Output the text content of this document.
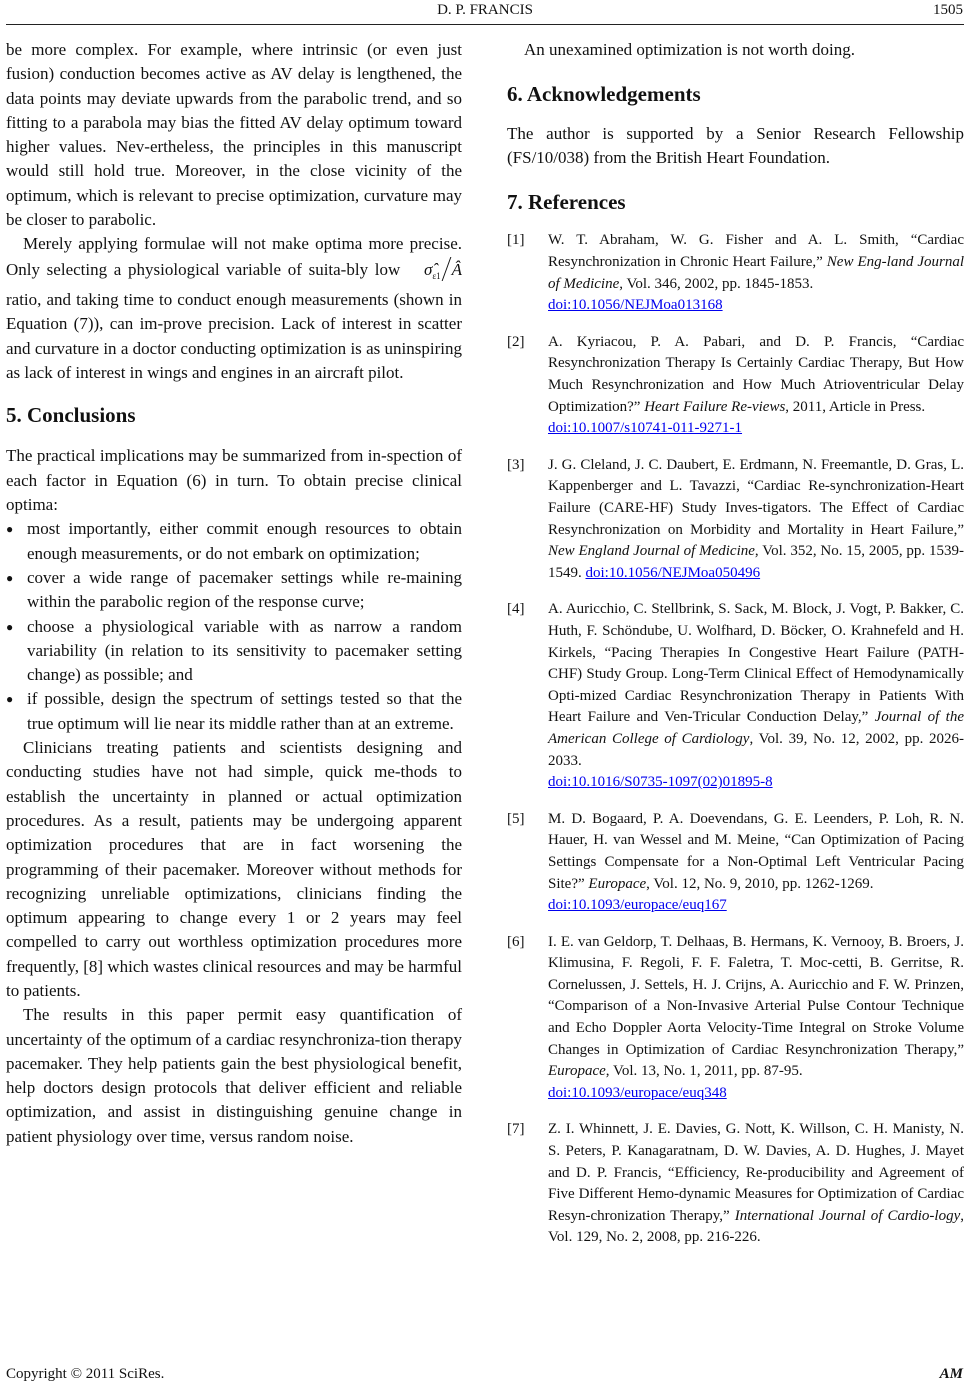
D. P. FRANCIS	1505

be more complex. For example, where intrinsic (or even just fusion) conduction becomes active as AV delay is lengthened, the data points may deviate upwards from the parabolic trend, and so fitting to a parabola may bias the fitted AV delay optimum toward higher values. Nev-ertheless, the principles in this manuscript would still hold true. Moreover, in the close vicinity of the optimum, which is relevant to precise optimization, curvature may be closer to parabolic.

Merely applying formulae will not make optima more precise. Only selecting a physiological variable of suita-bly low $\sigmâ_{\varepsilon 1}$ Â ratio, and taking time to conduct enough measurements (shown in Equation (7)), can im-prove precision. Lack of interest in scatter and curvature in a doctor conducting optimization is as uninspiring as lack of interest in wings and engines in an aircraft pilot.

5. Conclusions

The practical implications may be summarized from in-spection of each factor in Equation (6) in turn. To obtain precise clinical optima:

● most importantly, either commit enough resources to obtain enough measurements, or do not embark on optimization;
● cover a wide range of pacemaker settings while re-maining within the parabolic region of the response curve;
● choose a physiological variable with as narrow a random variability (in relation to its sensitivity to pacemaker setting change) as possible; and
● if possible, design the spectrum of settings tested so that the true optimum will lie near its middle rather than at an extreme.

Clinicians treating patients and scientists designing and conducting studies have not had simple, quick me-thods to establish the uncertainty in planned or actual optimization procedures. As a result, patients may be undergoing apparent optimization procedures that are in fact worsening the programming of their pacemaker. Moreover without methods for recognizing unreliable optimizations, clinicians finding the optimum appearing to change every 1 or 2 years may feel compelled to carry out worthless optimization procedures more frequently, [8] which wastes clinical resources and may be harmful to patients.

The results in this paper permit easy quantification of uncertainty of the optimum of a cardiac resynchroniza-tion therapy pacemaker. They help patients gain the best physiological benefit, help doctors design protocols that deliver efficient and reliable optimization, and assist in distinguishing genuine change in patient physiology over time, versus random noise.

An unexamined optimization is not worth doing.

6. Acknowledgements

The author is supported by a Senior Research Fellowship (FS/10/038) from the British Heart Foundation.

7. References
[1] W. T. Abraham, W. G. Fisher and A. L. Smith, “Cardiac Resynchronization in Chronic Heart Failure,” New Eng-land Journal of Medicine, Vol. 346, 2002, pp. 1845-1853.
doi:10.1056/NEJMoa013168
[2] A. Kyriacou, P. A. Pabari, and D. P. Francis, “Cardiac Resynchronization Therapy Is Certainly Cardiac Therapy, But How Much Resynchronization and How Much Atrioventricular Delay Optimization?” Heart Failure Re-views, 2011, Article in Press.
doi:10.1007/s10741-011-9271-1
[3] J. G. Cleland, J. C. Daubert, E. Erdmann, N. Freemantle, D. Gras, L. Kappenberger and L. Tavazzi, “Cardiac Re-synchronization-Heart Failure (CARE-HF) Study Inves-tigators. The Effect of Cardiac Resynchronization on Morbidity and Mortality in Heart Failure,” New England Journal of Medicine, Vol. 352, No. 15, 2005, pp. 1539-1549. doi:10.1056/NEJMoa050496
[4] A. Auricchio, C. Stellbrink, S. Sack, M. Block, J. Vogt, P. Bakker, C. Huth, F. Schöndube, U. Wolfhard, D. Böcker, O. Krahnefeld and H. Kirkels, “Pacing Therapies In Congestive Heart Failure (PATH-CHF) Study Group. Long-Term Clinical Effect of Hemodynamically Opti-mized Cardiac Resynchronization Therapy in Patients With Heart Failure and Ven-Tricular Conduction Delay,” Journal of the American College of Cardiology, Vol. 39, No. 12, 2002, pp. 2026-2033.
doi:10.1016/S0735-1097(02)01895-8
[5] M. D. Bogaard, P. A. Doevendans, G. E. Leenders, P. Loh, R. N. Hauer, H. van Wessel and M. Meine, “Can Optimization of Pacing Settings Compensate for a Non-Optimal Left Ventricular Pacing Site?” Europace, Vol. 12, No. 9, 2010, pp. 1262-1269.
doi:10.1093/europace/euq167
[6] I. E. van Geldorp, T. Delhaas, B. Hermans, K. Vernooy, B. Broers, J. Klimusina, F. Regoli, F. F. Faletra, T. Moc-cetti, B. Gerritse, R. Cornelussen, J. Settels, H. J. Crijns, A. Auricchio and F. W. Prinzen, “Comparison of a Non-Invasive Arterial Pulse Contour Technique and Echo Doppler Aorta Velocity-Time Integral on Stroke Volume Changes in Optimization of Cardiac Resynchronization Therapy,” Europace, Vol. 13, No. 1, 2011, pp. 87-95.
doi:10.1093/europace/euq348
[7] Z. I. Whinnett, J. E. Davies, G. Nott, K. Willson, C. H. Manisty, N. S. Peters, P. Kanagaratnam, D. W. Davies, A. D. Hughes, J. Mayet and D. P. Francis, “Efficiency, Re-producibility and Agreement of Five Different Hemo-dynamic Measures for Optimization of Cardiac Resyn-chronization Therapy,” International Journal of Cardio-logy, Vol. 129, No. 2, 2008, pp. 216-226.
Copyright © 2011 SciRes.	AM
